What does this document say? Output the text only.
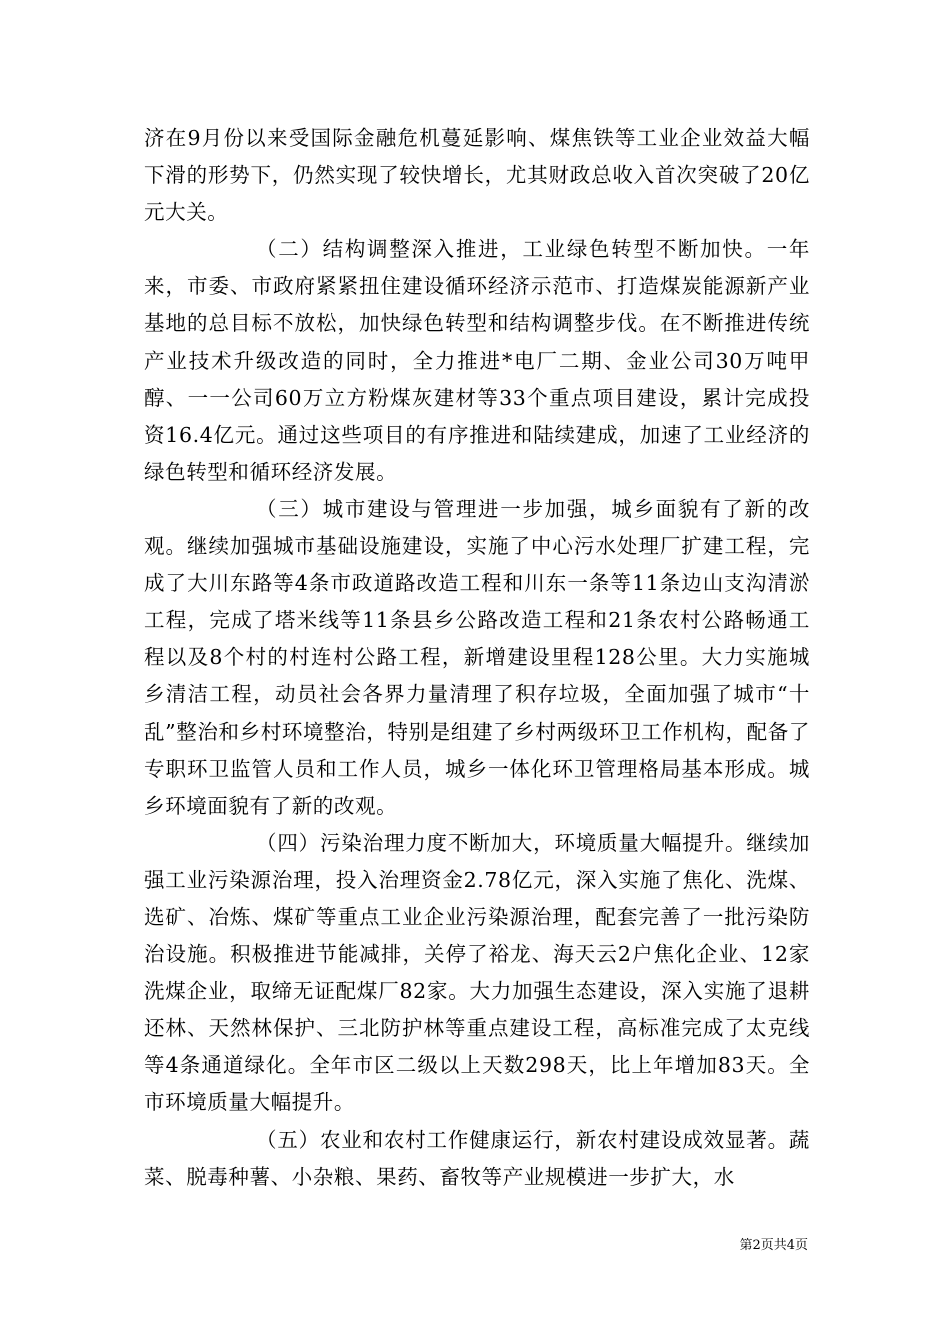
济在9月份以来受国际金融危机蔓延影响、煤焦铁等工业企业效益大幅下滑的形势下，仍然实现了较快增长，尤其财政总收入首次突破了20亿元大关。

（二）结构调整深入推进，工业绿色转型不断加快。一年来，市委、市政府紧紧扭住建设循环经济示范市、打造煤炭能源新产业基地的总目标不放松，加快绿色转型和结构调整步伐。在不断推进传统产业技术升级改造的同时，全力推进*电厂二期、金业公司30万吨甲醇、一一公司60万立方粉煤灰建材等33个重点项目建设，累计完成投资16.4亿元。通过这些项目的有序推进和陆续建成，加速了工业经济的绿色转型和循环经济发展。

（三）城市建设与管理进一步加强，城乡面貌有了新的改观。继续加强城市基础设施建设，实施了中心污水处理厂扩建工程，完成了大川东路等4条市政道路改造工程和川东一条等11条边山支沟清淤工程，完成了塔米线等11条县乡公路改造工程和21条农村公路畅通工程以及8个村的村连村公路工程，新增建设里程128公里。大力实施城乡清洁工程，动员社会各界力量清理了积存垃圾，全面加强了城市“十乱”整治和乡村环境整治，特别是组建了乡村两级环卫工作机构，配备了专职环卫监管人员和工作人员，城乡一体化环卫管理格局基本形成。城乡环境面貌有了新的改观。

（四）污染治理力度不断加大，环境质量大幅提升。继续加强工业污染源治理，投入治理资金2.78亿元，深入实施了焦化、洗煤、选矿、冶炼、煤矿等重点工业企业污染源治理，配套完善了一批污染防治设施。积极推进节能减排，关停了裕龙、海天云2户焦化企业、12家洗煤企业，取缔无证配煤厂82家。大力加强生态建设，深入实施了退耕还林、天然林保护、三北防护林等重点建设工程，高标准完成了太克线等4条通道绿化。全年市区二级以上天数298天，比上年增加83天。全市环境质量大幅提升。

（五）农业和农村工作健康运行，新农村建设成效显著。蔬菜、脱毒种薯、小杂粮、果药、畜牧等产业规模进一步扩大，水

第2页共4页
